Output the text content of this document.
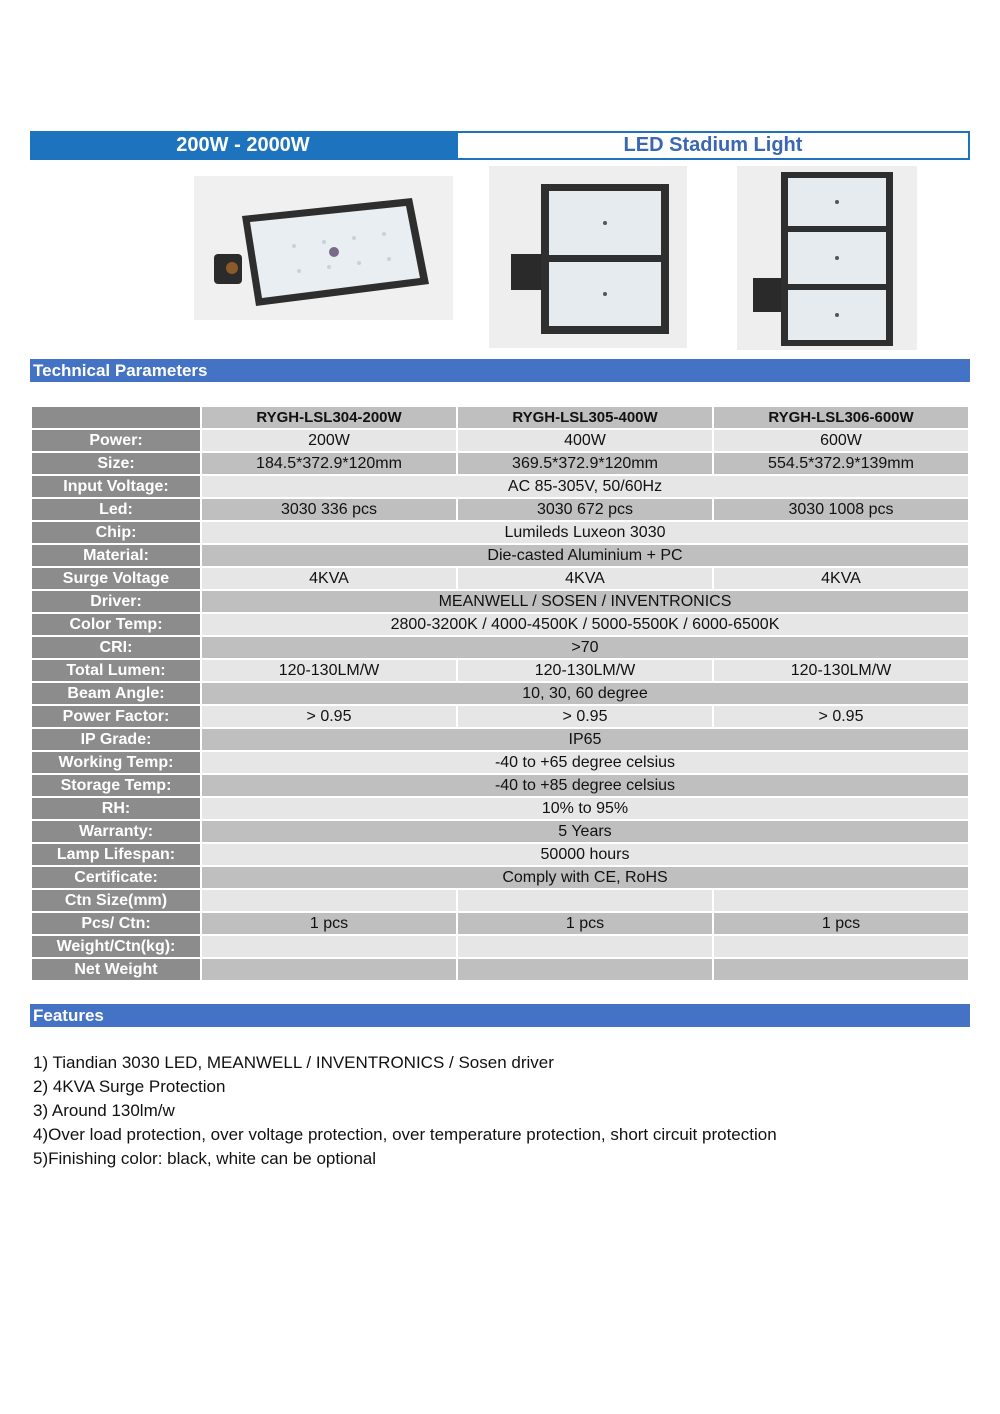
200W - 2000W	LED Stadium Light
Technical Parameters
	RYGH-LSL304-200W	RYGH-LSL305-400W	RYGH-LSL306-600W
Power:	200W	400W	600W
Size:	184.5*372.9*120mm	369.5*372.9*120mm	554.5*372.9*139mm
Input Voltage:	AC 85-305V, 50/60Hz		
Led:	3030 336 pcs	3030 672 pcs	3030 1008 pcs
Chip:	Lumileds Luxeon 3030		
Material:	Die-casted Aluminium + PC		
Surge Voltage	4KVA	4KVA	4KVA
Driver:	MEANWELL / SOSEN / INVENTRONICS		
Color Temp:	2800-3200K / 4000-4500K / 5000-5500K / 6000-6500K		
CRI:	>70		
Total Lumen:	120-130LM/W	120-130LM/W	120-130LM/W
Beam Angle:	10, 30, 60 degree		
Power Factor:	> 0.95	> 0.95	> 0.95
IP Grade:	IP65		
Working Temp:	-40 to +65 degree celsius		
Storage Temp:	-40 to +85 degree celsius		
RH:	10% to 95%		
Warranty:	5 Years		
Lamp Lifespan:	50000 hours		
Certificate:	Comply with CE, RoHS		
Ctn Size(mm)			
Pcs/ Ctn:	1 pcs	1 pcs	1 pcs
Weight/Ctn(kg):			
Net Weight			
Features
1) Tiandian 3030 LED, MEANWELL / INVENTRONICS / Sosen driver
2) 4KVA Surge Protection
3) Around 130lm/w
4)Over load protection, over voltage protection, over temperature protection, short circuit protection
5)Finishing color: black, white can be optional
